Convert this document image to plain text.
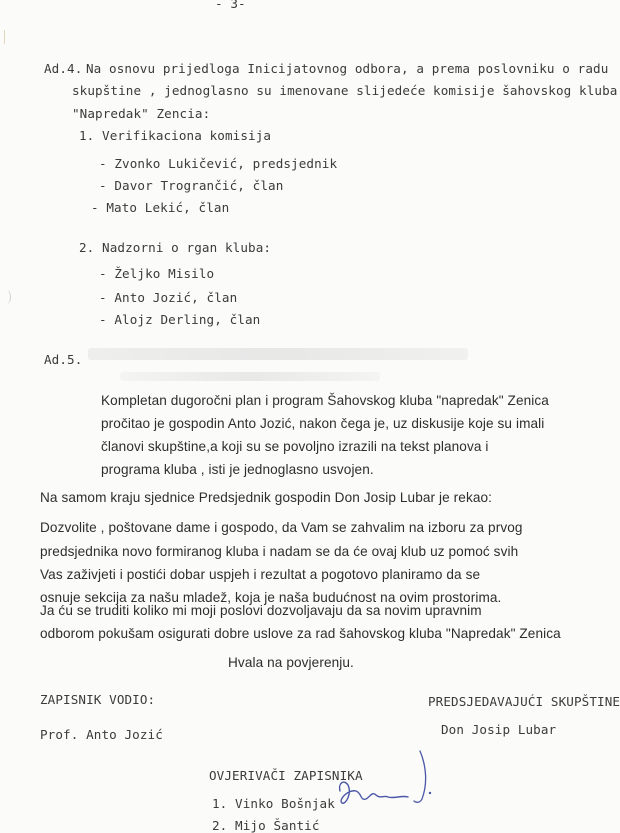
- 3-
Ad.4. Na osnovu prijedloga Inicijatovnog odbora, a prema poslovniku o radu
skupštine , jednoglasno su imenovane slijedeće komisije šahovskog kluba
"Napredak" Zencia:
1. Verifikaciona komisija
- Zvonko Lukičević, predsjednik
- Davor Trogrančić, član
- Mato Lekić, član
2. Nadzorni o rgan kluba:
- Željko Misilo
- Anto Jozić, član
- Alojz Derling, član
Ad.5.
Kompletan dugoročni plan i program Šahovskog kluba "napredak" Zenica
pročitao je gospodin Anto Jozić, nakon čega je, uz diskusije koje su imali
članovi skupštine,a koji su se povoljno izrazili na tekst planova i
programa kluba , isti je jednoglasno usvojen.
Na samom kraju sjednice Predsjednik gospodin Don Josip Lubar je rekao:
Dozvolite , poštovane dame i gospodo, da Vam se zahvalim na izboru za prvog
predsjednika novo formiranog kluba i nadam se da će ovaj klub uz pomoć svih
Vas zaživjeti i postići dobar uspjeh i rezultat a pogotovo planiramo da se
osnuje sekcija za našu mladež, koja je naša budućnost na ovim prostorima.
Ja ću se truditi koliko mi moji poslovi dozvoljavaju da sa novim upravnim
odborom pokušam osigurati dobre uslove za rad šahovskog kluba "Napredak" Zenica
Hvala na povjerenju.
ZAPISNIK VODIO:
Prof. Anto Jozić
PREDSJEDAVAJUĆI SKUPŠTINE
Don Josip Lubar
OVJERIVAČI ZAPISNIKA
1. Vinko Bošnjak
2. Mijo Šantić
